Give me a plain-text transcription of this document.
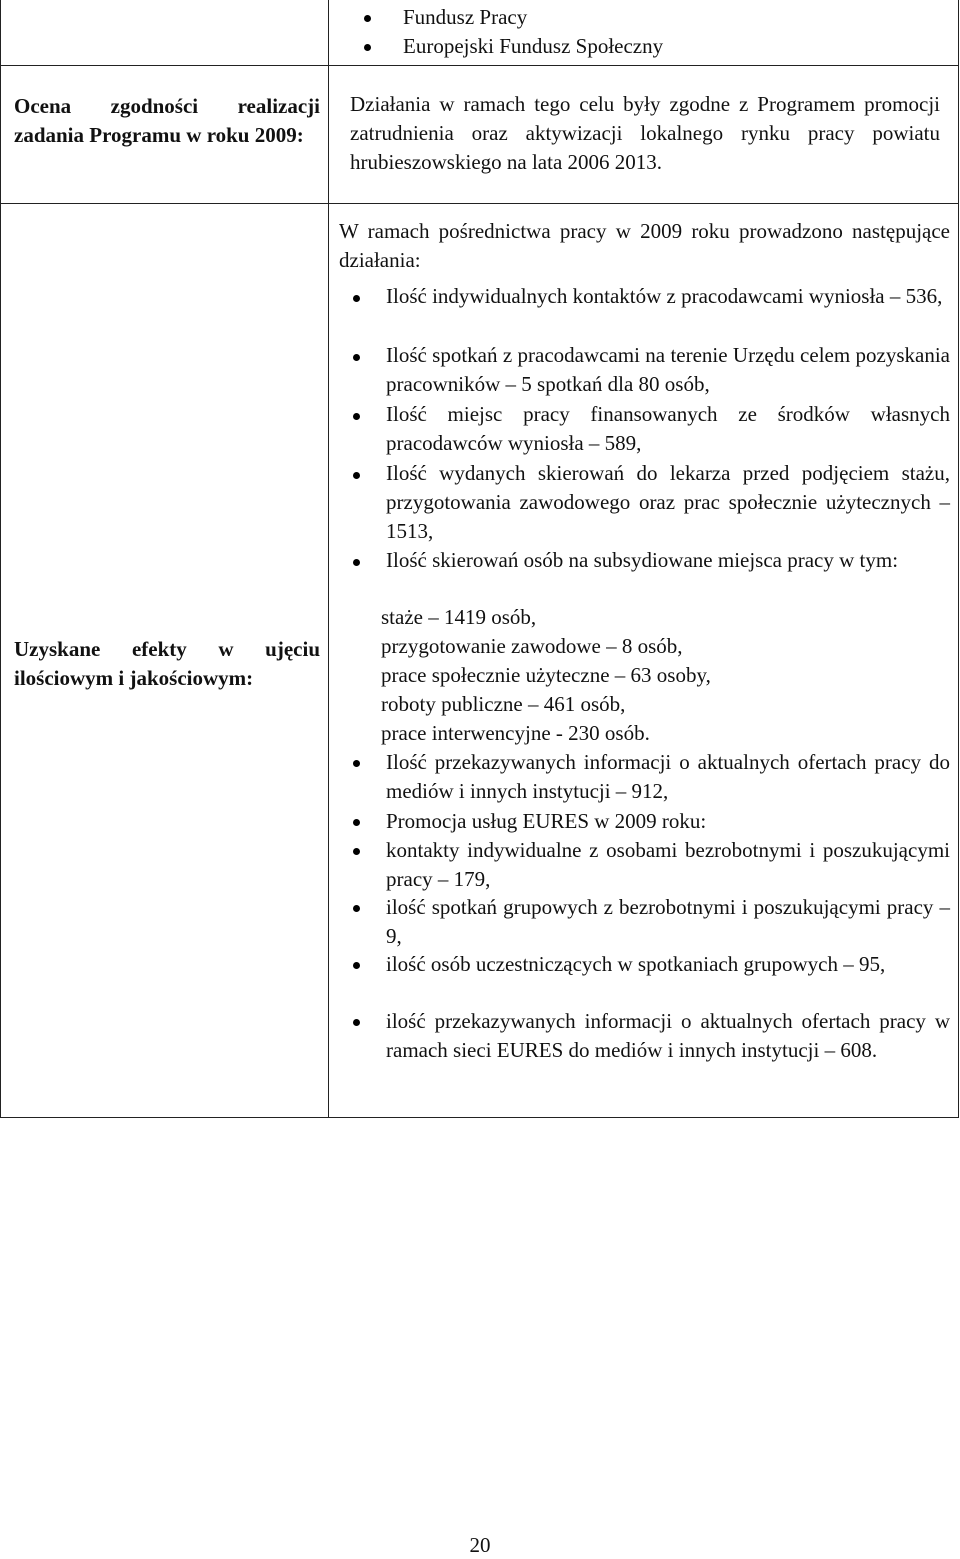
Fundusz Pracy
Europejski Fundusz Społeczny
Ocena zgodności realizacji zadania Programu w roku 2009:
Działania w ramach tego celu były zgodne z Programem promocji zatrudnienia oraz aktywizacji lokalnego rynku pracy powiatu hrubieszowskiego na lata 2006 2013.
Uzyskane efekty w ujęciu ilościowym i jakościowym:
W ramach pośrednictwa pracy w 2009 roku prowadzono następujące działania:
Ilość indywidualnych kontaktów z pracodawcami wyniosła – 536,
Ilość spotkań z pracodawcami na terenie Urzędu celem pozyskania pracowników – 5 spotkań dla 80 osób,
Ilość miejsc pracy finansowanych ze środków własnych pracodawców wyniosła – 589,
Ilość wydanych skierowań do lekarza przed podjęciem stażu, przygotowania zawodowego oraz prac społecznie użytecznych – 1513,
Ilość skierowań osób na subsydiowane miejsca pracy w tym:
staże – 1419 osób,
przygotowanie zawodowe – 8 osób,
prace społecznie użyteczne – 63 osoby,
roboty publiczne – 461 osób,
prace interwencyjne - 230 osób.
Ilość przekazywanych informacji o aktualnych ofertach pracy do mediów i innych instytucji – 912,
Promocja usług EURES w 2009 roku:
kontakty indywidualne z osobami bezrobotnymi i poszukującymi pracy – 179,
ilość spotkań grupowych z bezrobotnymi i poszukującymi pracy – 9,
ilość osób uczestniczących w spotkaniach grupowych – 95,
ilość przekazywanych informacji o aktualnych ofertach pracy w ramach sieci EURES do mediów i innych instytucji – 608.
20
